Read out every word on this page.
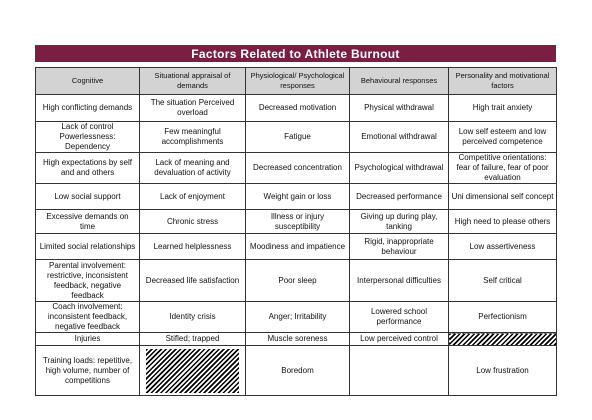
Factors Related to Athlete Burnout
Cognitive	Situational appraisal of demands	Physiological/ Psychological responses	Behavioural responses	Personality and motivational factors
High conflicting demands	The situation Perceived overload	Decreased motivation	Physical withdrawal	High trait anxiety
Lack of control Powerlessness: Dependency	Few meaningful accomplishments	Fatigue	Emotional withdrawal	Low self esteem and low perceived competence
High expectations by self and and others	Lack of meaning and devaluation of activity	Decreased concentration	Psychological withdrawal	Competitive orientations: fear of failure, fear of poor evaluation
Low social support	Lack of enjoyment	Weight gain or loss	Decreased performance	Uni dimensional self concept
Excessive demands on time	Chronic stress	Illness or injury susceptibility	Giving up during play, tanking	High need to please others
Limited social relationships	Learned helplessness	Moodiness and impatience	Rigid, inappropriate behaviour	Low assertiveness
Parental involvement: restrictive, inconsistent feedback, negative feedback	Decreased life satisfaction	Poor sleep	Interpersonal difficulties	Self critical
Coach involvement: inconsistent feedback, negative feedback	Identity crisis	Anger; Irritability	Lowered school performance	Perfectionism
Injuries	Stifled; trapped	Muscle soreness	Low perceived control	
Training loads: repetitive, high volume, number of competitions		Boredom		Low frustration
